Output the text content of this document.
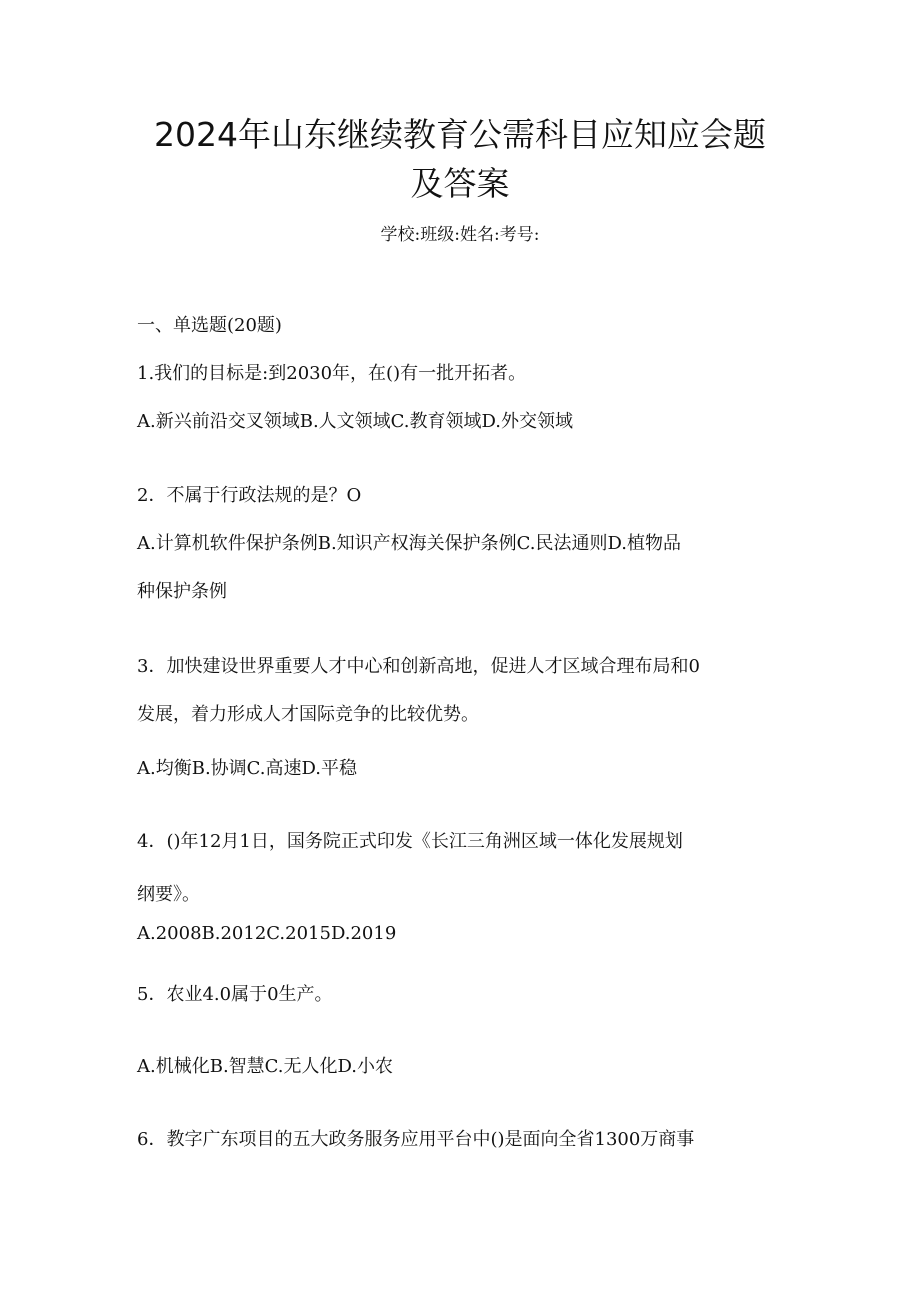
2024年山东继续教育公需科目应知应会题
及答案
学校:班级:姓名:考号:
一、单选题(20题)
1.我们的目标是:到2030年，在()有一批开拓者。
A.新兴前沿交叉领域B.人文领域C.教育领域D.外交领域
2．不属于行政法规的是？O
A.计算机软件保护条例B.知识产权海关保护条例C.民法通则D.植物品
种保护条例
3．加快建设世界重要人才中心和创新高地，促进人才区域合理布局和0
发展，着力形成人才国际竞争的比较优势。
A.均衡B.协调C.高速D.平稳
4．()年12月1日，国务院正式印发《长江三角洲区域一体化发展规划
纲要》。
A.2008B.2012C.2015D.2019
5．农业4.0属于0生产。
A.机械化B.智慧C.无人化D.小农
6．教字广东项目的五大政务服务应用平台中()是面向全省1300万商事
